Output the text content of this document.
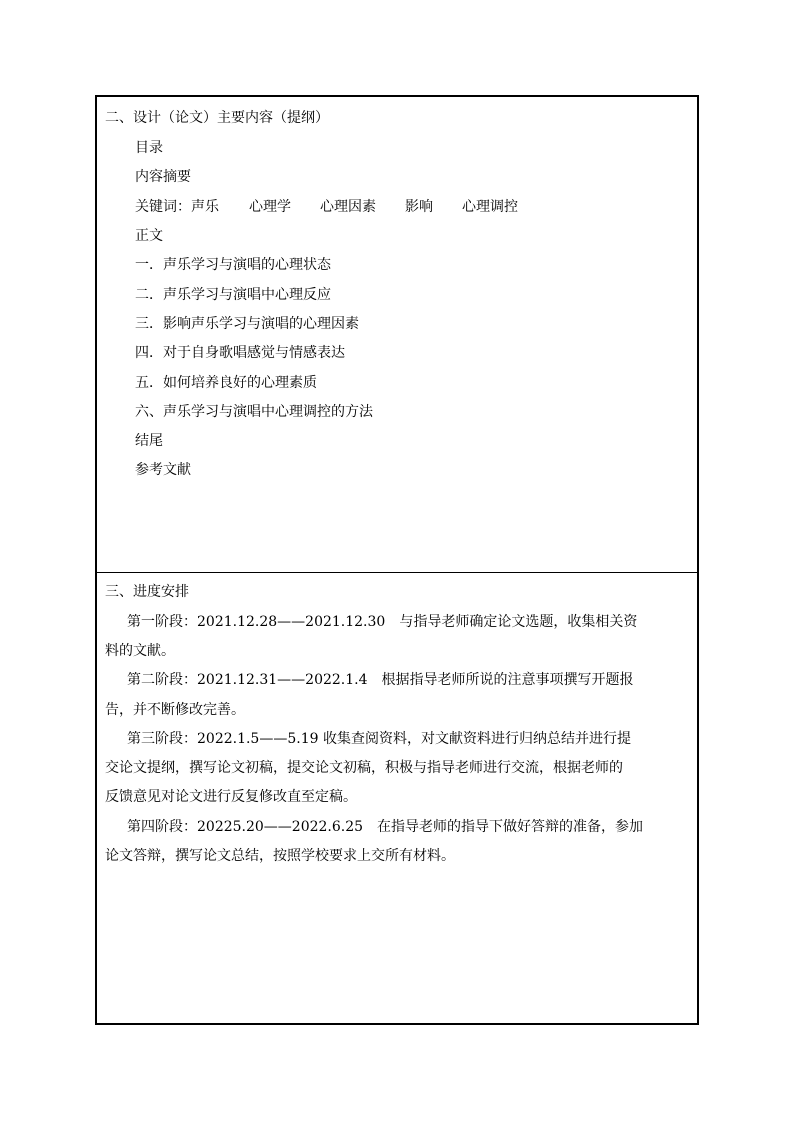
二、设计（论文）主要内容（提纲）
目录
内容摘要
关键词：声乐 心理学 心理因素 影响 心理调控
正文
一．声乐学习与演唱的心理状态
二．声乐学习与演唱中心理反应
三．影响声乐学习与演唱的心理因素
四．对于自身歌唱感觉与情感表达
五．如何培养良好的心理素质
六、声乐学习与演唱中心理调控的方法
结尾
参考文献
三、进度安排
第一阶段：2021.12.28——2021.12.30　与指导老师确定论文选题，收集相关资
料的文献。
第二阶段：2021.12.31——2022.1.4　根据指导老师所说的注意事项撰写开题报
告，并不断修改完善。
第三阶段：2022.1.5——5.19 收集查阅资料，对文献资料进行归纳总结并进行提
交论文提纲，撰写论文初稿，提交论文初稿，积极与指导老师进行交流，根据老师的
反馈意见对论文进行反复修改直至定稿。
第四阶段：20225.20——2022.6.25　在指导老师的指导下做好答辩的准备，参加
论文答辩，撰写论文总结，按照学校要求上交所有材料。
